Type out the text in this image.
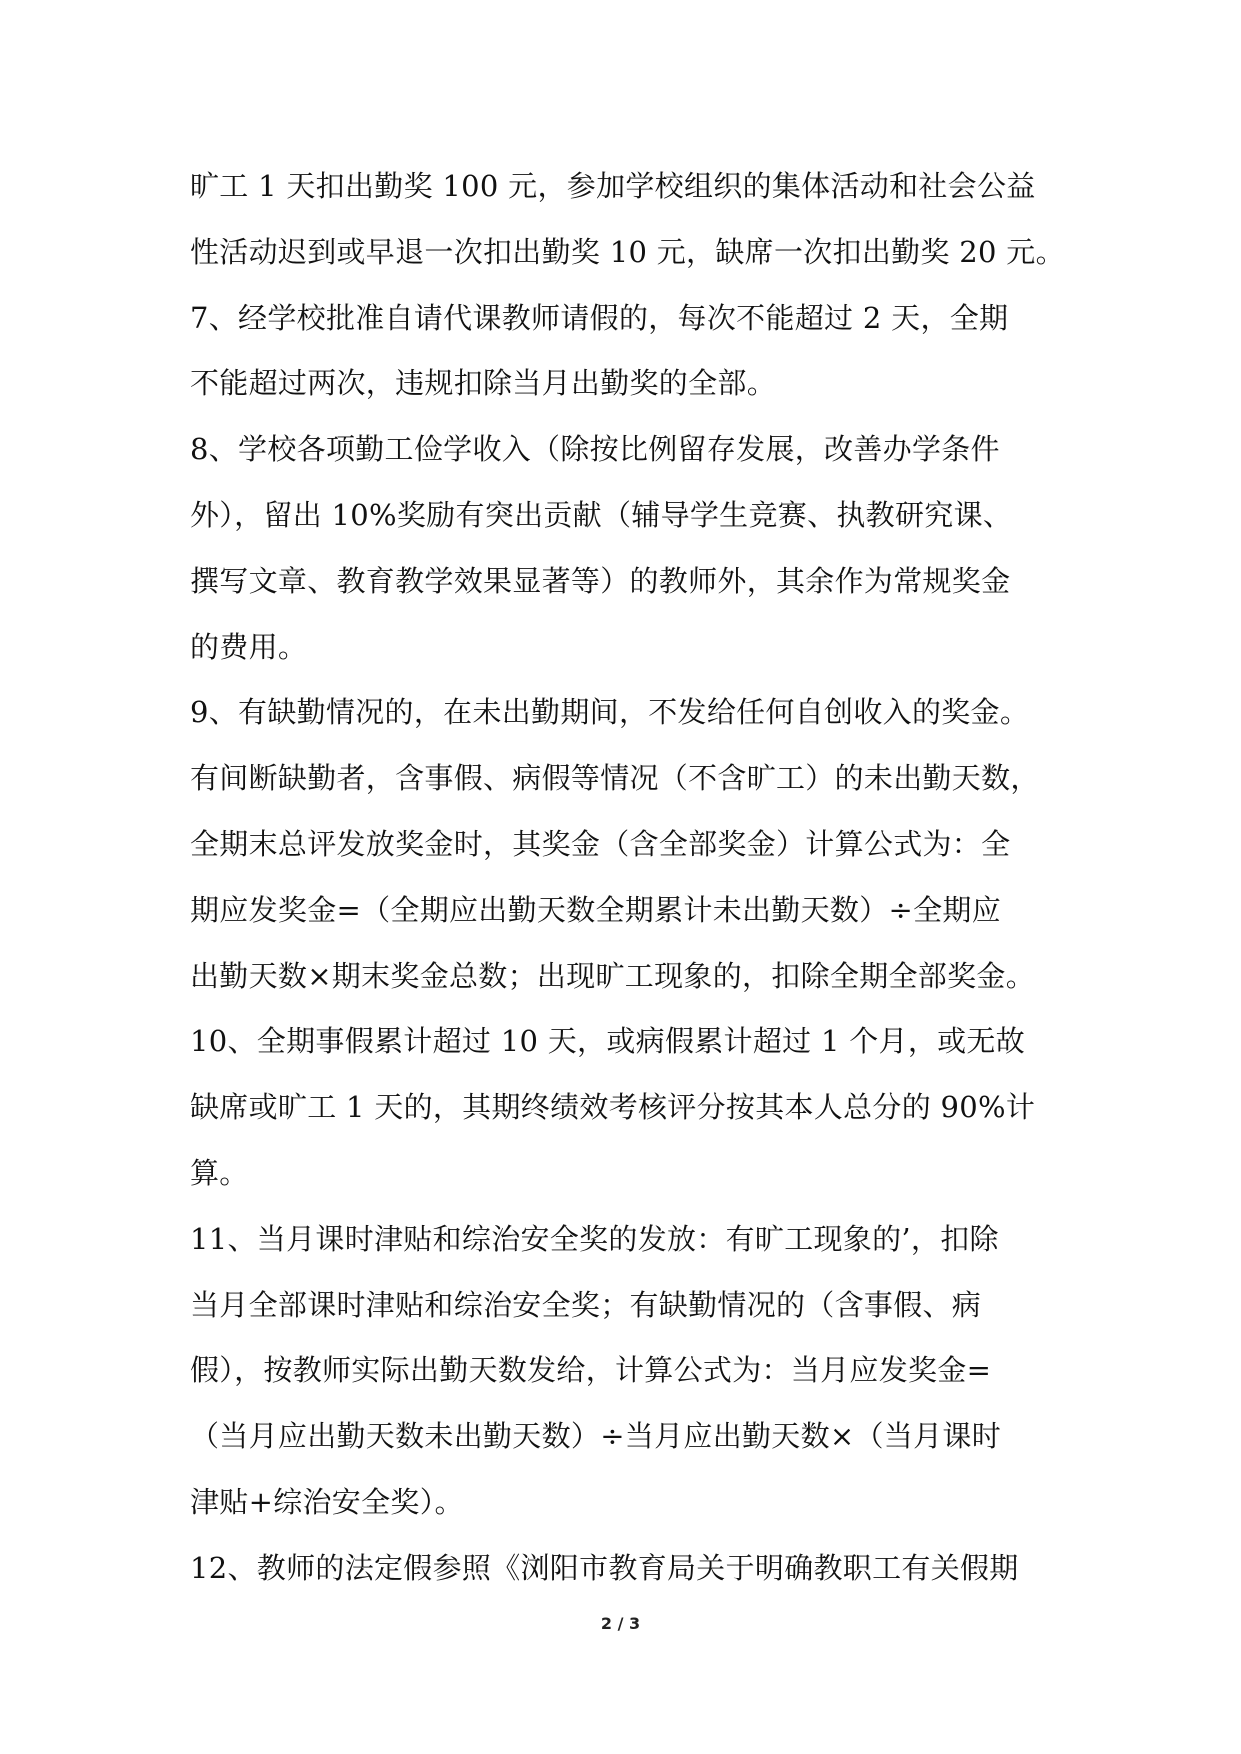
旷工 1 天扣出勤奖 100 元，参加学校组织的集体活动和社会公益
性活动迟到或早退一次扣出勤奖 10 元，缺席一次扣出勤奖 20 元。
7、经学校批准自请代课教师请假的，每次不能超过 2 天，全期
不能超过两次，违规扣除当月出勤奖的全部。
8、学校各项勤工俭学收入（除按比例留存发展，改善办学条件
外），留出 10%奖励有突出贡献（辅导学生竞赛、执教研究课、
撰写文章、教育教学效果显著等）的教师外，其余作为常规奖金
的费用。
9、有缺勤情况的，在未出勤期间，不发给任何自创收入的奖金。
有间断缺勤者，含事假、病假等情况（不含旷工）的未出勤天数，
全期末总评发放奖金时，其奖金（含全部奖金）计算公式为：全
期应发奖金=（全期应出勤天数全期累计未出勤天数）÷全期应
出勤天数×期末奖金总数；出现旷工现象的，扣除全期全部奖金。
10、全期事假累计超过 10 天，或病假累计超过 1 个月，或无故
缺席或旷工 1 天的，其期终绩效考核评分按其本人总分的 90%计
算。
11、当月课时津贴和综治安全奖的发放：有旷工现象的’，扣除
当月全部课时津贴和综治安全奖；有缺勤情况的（含事假、病
假），按教师实际出勤天数发给，计算公式为：当月应发奖金=
（当月应出勤天数未出勤天数）÷当月应出勤天数×（当月课时
津贴+综治安全奖）。
12、教师的法定假参照《浏阳市教育局关于明确教职工有关假期
2 / 3
